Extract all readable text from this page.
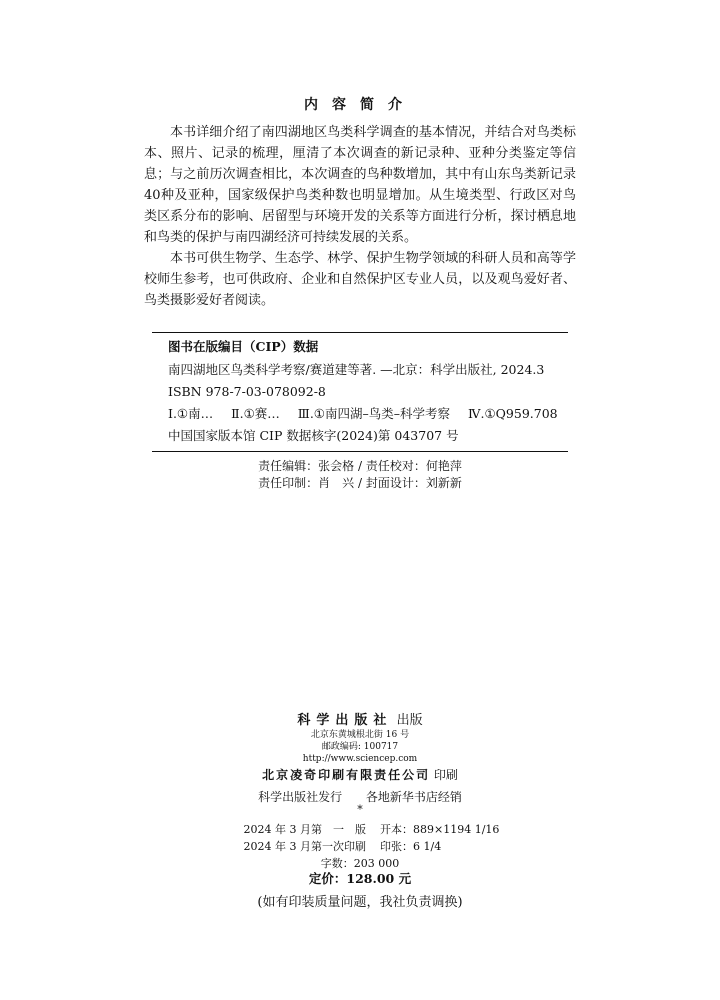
内容简介

本书详细介绍了南四湖地区鸟类科学调查的基本情况，并结合对鸟类标本、照片、记录的梳理，厘清了本次调查的新记录种、亚种分类鉴定等信息；与之前历次调查相比，本次调查的鸟种数增加，其中有山东鸟类新记录40种及亚种，国家级保护鸟类种数也明显增加。从生境类型、行政区对鸟类区系分布的影响、居留型与环境开发的关系等方面进行分析，探讨栖息地和鸟类的保护与南四湖经济可持续发展的关系。

本书可供生物学、生态学、林学、保护生物学领域的科研人员和高等学校师生参考，也可供政府、企业和自然保护区专业人员，以及观鸟爱好者、鸟类摄影爱好者阅读。

图书在版编目（CIP）数据
南四湖地区鸟类科学考察/赛道建等著. —北京：科学出版社, 2024.3
ISBN 978-7-03-078092-8
Ⅰ.①南… Ⅱ.①赛… Ⅲ.①南四湖–鸟类–科学考察 Ⅳ.①Q959.708
中国国家版本馆 CIP 数据核字(2024)第 043707 号
责任编辑：张会格 / 责任校对：何艳萍
责任印制：肖　兴 / 封面设计：刘新新
科学出版社 出版
北京东黄城根北街 16 号
邮政编码: 100717
http://www.sciencep.com
北京凌奇印刷有限责任公司 印刷
科学出版社发行 各地新华书店经销
*
2024 年 3 月第　一　版	开本：889×1194 1/16
2024 年 3 月第一次印刷	印张：6 1/4
字数：203 000
定价：128.00 元
(如有印装质量问题，我社负责调换)
